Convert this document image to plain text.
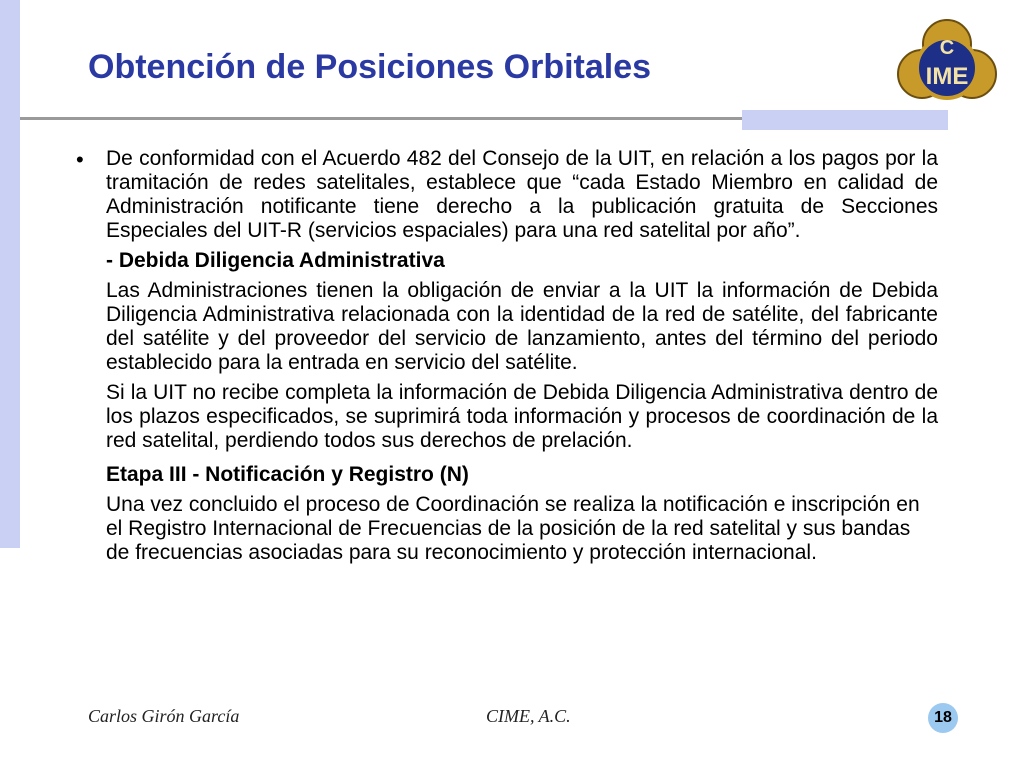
Obtención de Posiciones Orbitales	C
IME
• De conformidad con el Acuerdo 482 del Consejo de la UIT, en relación a los pagos por la tramitación de redes satelitales, establece que “cada Estado Miembro en calidad de Administración notificante tiene derecho a la publicación gratuita de Secciones Especiales del UIT-R (servicios espaciales) para una red satelital por año”.

- Debida Diligencia Administrativa

Las Administraciones tienen la obligación de enviar a la UIT la información de Debida Diligencia Administrativa relacionada con la identidad de la red de satélite, del fabricante del satélite y del proveedor del servicio de lanzamiento, antes del término del periodo establecido para la entrada en servicio del satélite.

Si la UIT no recibe completa la información de Debida Diligencia Administrativa dentro de los plazos especificados, se suprimirá toda información y procesos de coordinación de la red satelital, perdiendo todos sus derechos de prelación.

Etapa III - Notificación y Registro (N)

Una vez concluido el proceso de Coordinación se realiza la notificación e inscripción en el Registro Internacional de Frecuencias de la posición de la red satelital y sus bandas de frecuencias asociadas para su reconocimiento y protección internacional.

Carlos Girón García	CIME, A.C.	18
